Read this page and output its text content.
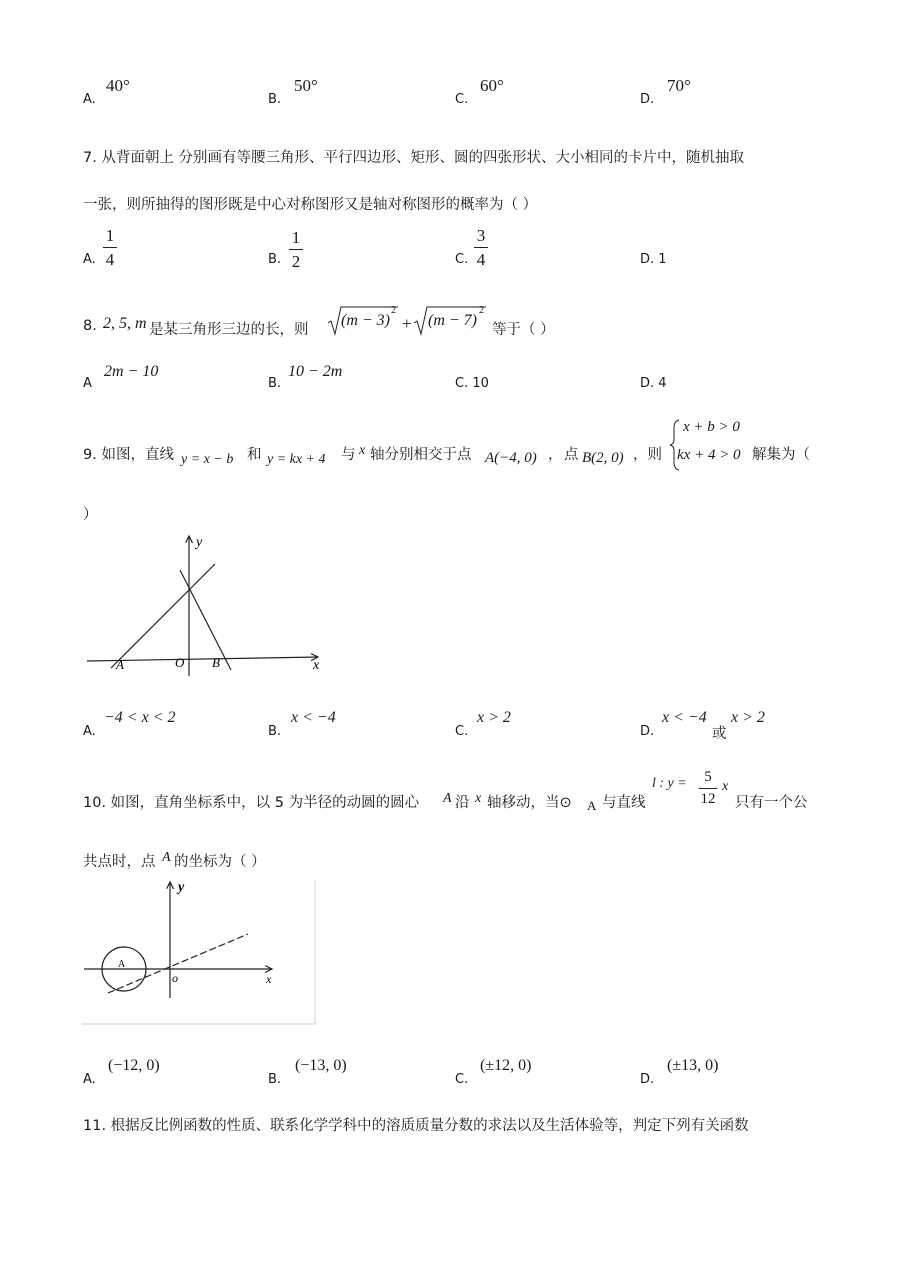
A.
40°
B.
50°
C.
60°
D.
70°
7. 从背面朝上 分别画有等腰三角形、平行四边形、矩形、圆的四张形状、大小相同的卡片中，随机抽取
一张，则所抽得的图形既是中心对称图形又是轴对称图形的概率为（ ）
A.
1
4	B.
1
2	C.
3
4	D. 1
8. 2, 5, m 是某三角形三边的长，则
(m − 3)
2
+ (m − 7)
2
等于（ ）
A
2m − 10
B.
10 − 2m
C. 10	D. 4
9. 如图，直线 y = x − b 和 y = kx + 4 与 x 轴分别相交于点 A(−4, 0) ， 点 B(2, 0) ，则
x + b > 0
kx + 4 > 0 解集为（
）
y
x
O
A	B
A.
−4 < x < 2
B.
x < −4
C.
x > 2
D.
x < −4
或
x > 2
10. 如图，直角坐标系中，以 5 为半径的动圆的圆心 A 沿 x 轴移动，当⊙ A 与直线
l : y = 5
12
x
只有一个公
共点时，点 A 的坐标为（ ）
y
x
o
A
A.
(−12, 0)
B.
(−13, 0)
C.
(±12, 0)
D.
(±13, 0)
11. 根据反比例函数的性质、联系化学学科中的溶质质量分数的求法以及生活体验等，判定下列有关函数
